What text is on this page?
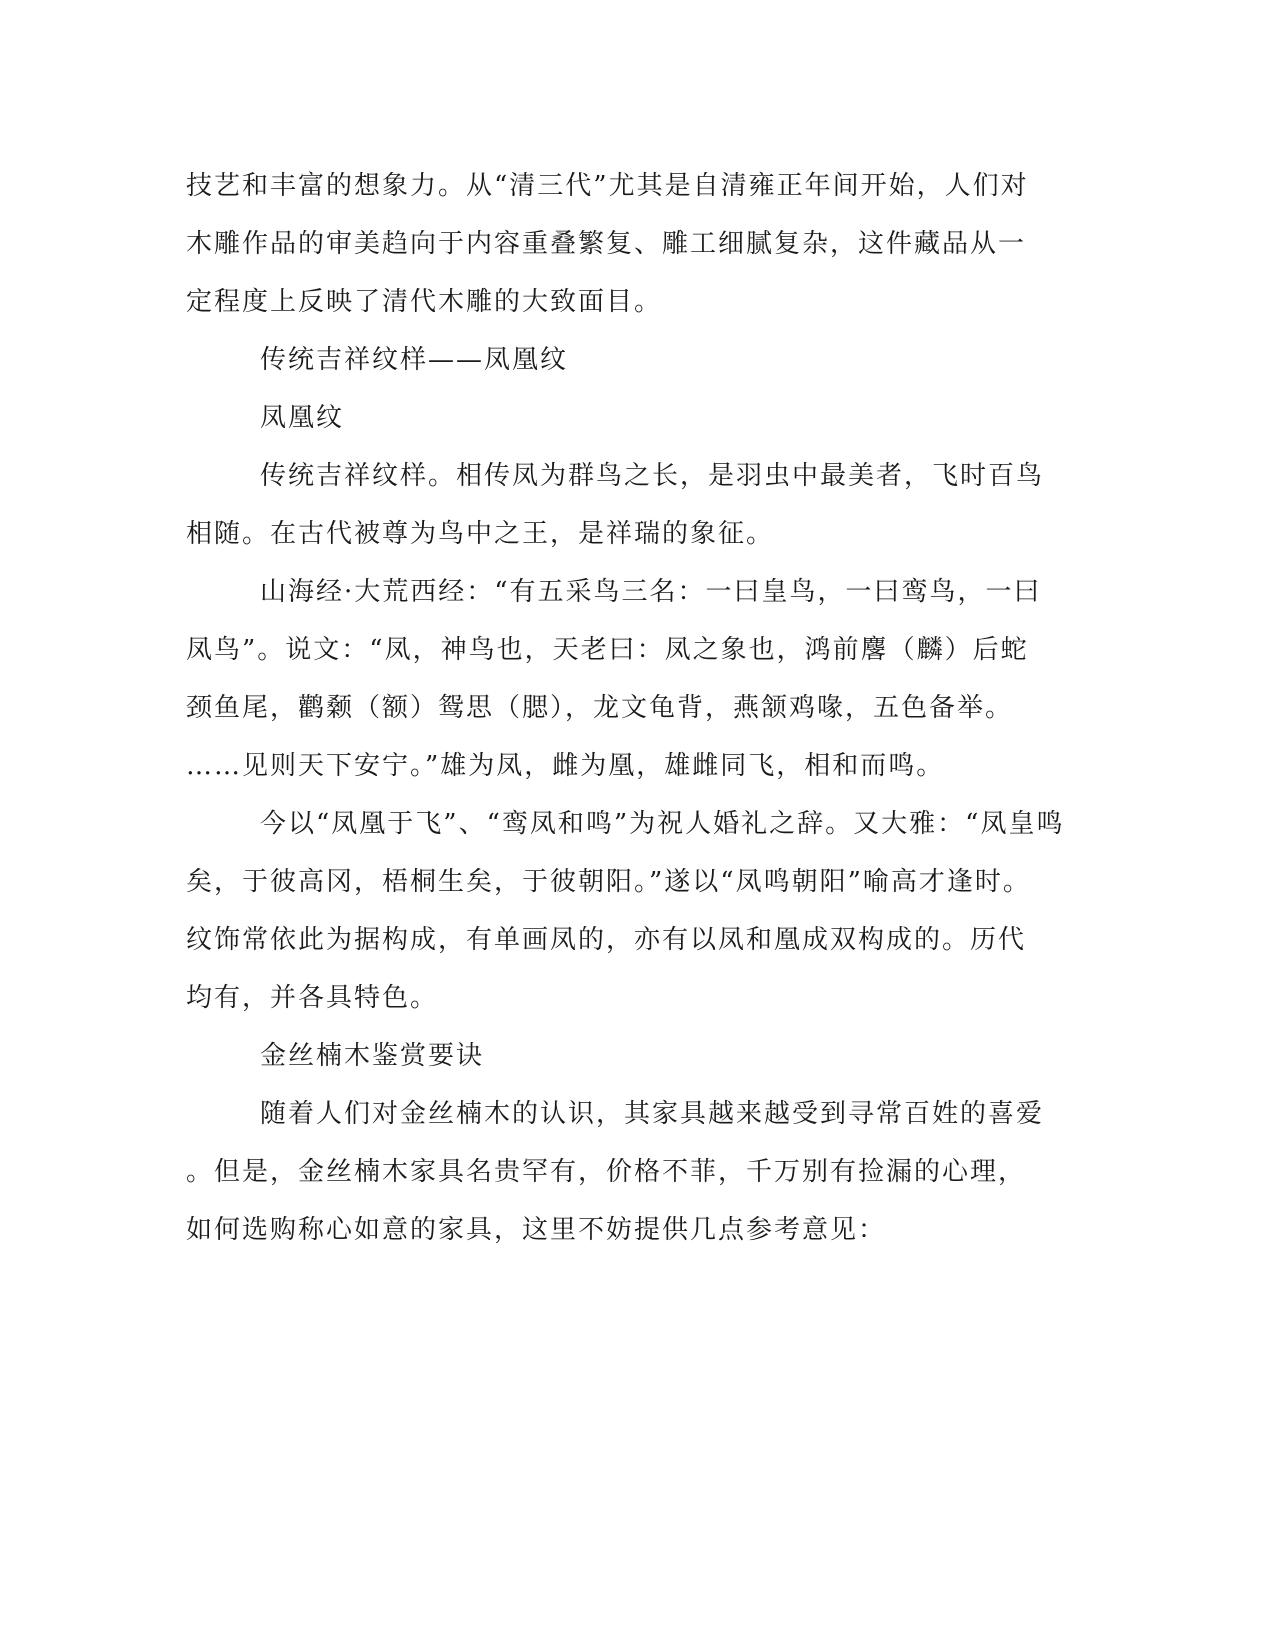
技艺和丰富的想象力。从“清三代”尤其是自清雍正年间开始，人们对

木雕作品的审美趋向于内容重叠繁复、雕工细腻复杂，这件藏品从一

定程度上反映了清代木雕的大致面目。

传统吉祥纹样——凤凰纹

凤凰纹

传统吉祥纹样。相传凤为群鸟之长，是羽虫中最美者，飞时百鸟

相随。在古代被尊为鸟中之王，是祥瑞的象征。

山海经·大荒西经：“有五采鸟三名：一曰皇鸟，一曰鸾鸟，一曰

凤鸟”。说文：“凤，神鸟也，天老曰：凤之象也，鸿前麐（麟）后蛇

颈鱼尾，鹳颡（额）鸳思（腮），龙文龟背，燕颔鸡喙，五色备举。

……见则天下安宁。”雄为凤，雌为凰，雄雌同飞，相和而鸣。

今以“凤凰于飞”、“鸾凤和鸣”为祝人婚礼之辞。又大雅：“凤皇鸣

矣，于彼高冈，梧桐生矣，于彼朝阳。”遂以“凤鸣朝阳”喻高才逢时。

纹饰常依此为据构成，有单画凤的，亦有以凤和凰成双构成的。历代

均有，并各具特色。

金丝楠木鉴赏要诀

随着人们对金丝楠木的认识，其家具越来越受到寻常百姓的喜爱

。但是，金丝楠木家具名贵罕有，价格不菲，千万别有捡漏的心理，

如何选购称心如意的家具，这里不妨提供几点参考意见：
